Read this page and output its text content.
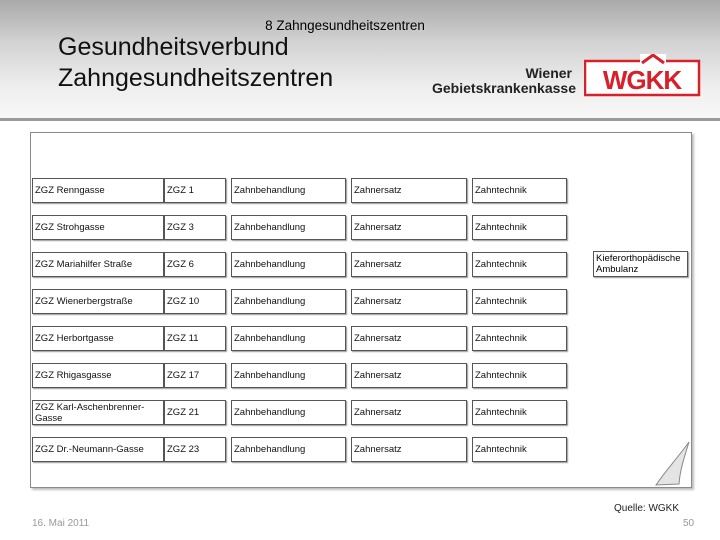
Gesundheitsverbund
Zahngesundheitszentren	Wiener
Gebietskrankenkasse WGKK
8 Zahngesundheitszentren
ZGZ Renngasse	ZGZ 1	Zahnbehandlung	Zahnersatz	Zahntechnik
ZGZ Strohgasse	ZGZ 3	Zahnbehandlung	Zahnersatz	Zahntechnik
ZGZ Mariahilfer Straße	ZGZ 6	Zahnbehandlung	Zahnersatz	Zahntechnik
ZGZ Wienerbergstraße	ZGZ 10	Zahnbehandlung	Zahnersatz	Zahntechnik
ZGZ Herbortgasse	ZGZ 11	Zahnbehandlung	Zahnersatz	Zahntechnik
ZGZ Rhigasgasse	ZGZ 17	Zahnbehandlung	Zahnersatz	Zahntechnik
ZGZ Karl-Aschenbrenner-Gasse	ZGZ 21	Zahnbehandlung	Zahnersatz	Zahntechnik
ZGZ Dr.-Neumann-Gasse	ZGZ 23	Zahnbehandlung	Zahnersatz	Zahntechnik
Kieferorthopädische Ambulanz
Quelle: WGKK
16. Mai 2011	50
